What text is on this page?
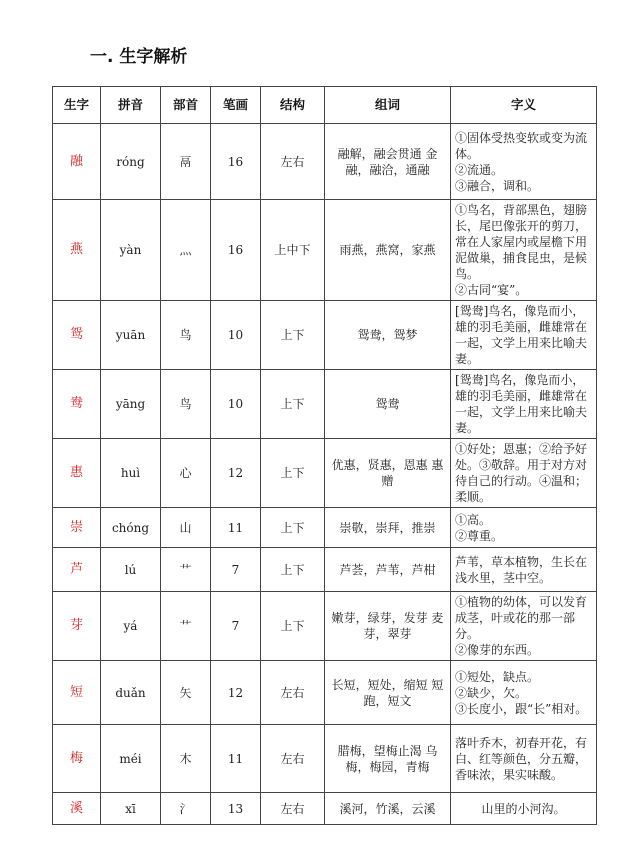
一. 生字解析
生字	拼音	部首	笔画	结构	组词	字义
融	róng	鬲	16	左右	融解，融会贯通 金融，融洽，通融	①固体受热变软或变为流体。
②流通。
③融合，调和。
燕	yàn	灬	16	上中下	雨燕，燕窝，家燕	①鸟名，背部黑色，翅膀长，尾巴像张开的剪刀，常在人家屋内或屋檐下用泥做巢，捕食昆虫，是候鸟。
②古同“宴”。
鸳	yuān	鸟	10	上下	鸳鸯，鸳梦	[鸳鸯]鸟名，像凫而小，雄的羽毛美丽，雌雄常在一起，文学上用来比喻夫妻。
鸯	yāng	鸟	10	上下	鸳鸯	[鸳鸯]鸟名，像凫而小，雄的羽毛美丽，雌雄常在一起，文学上用来比喻夫妻。
惠	huì	心	12	上下	优惠，贤惠，恩惠 惠赠	①好处；恩惠；②给予好处。③敬辞。用于对方对待自己的行动。④温和；柔顺。
崇	chóng	山	11	上下	崇敬，崇拜，推崇	①高。
②尊重。
芦	lú	艹	7	上下	芦荟，芦苇，芦柑	芦苇，草本植物，生长在浅水里，茎中空。
芽	yá	艹	7	上下	嫩芽，绿芽，发芽 麦芽，翠芽	①植物的幼体，可以发育成茎，叶或花的那一部分。
②像芽的东西。
短	duǎn	矢	12	左右	长短，短处，缩短 短跑，短文	①短处，缺点。
②缺少，欠。
③长度小，跟“长”相对。
梅	méi	木	11	左右	腊梅，望梅止渴 乌梅，梅园，青梅	落叶乔木，初春开花，有白、红等颜色，分五瓣，香味浓，果实味酸。
溪	xī	氵	13	左右	溪河，竹溪，云溪	山里的小河沟。
